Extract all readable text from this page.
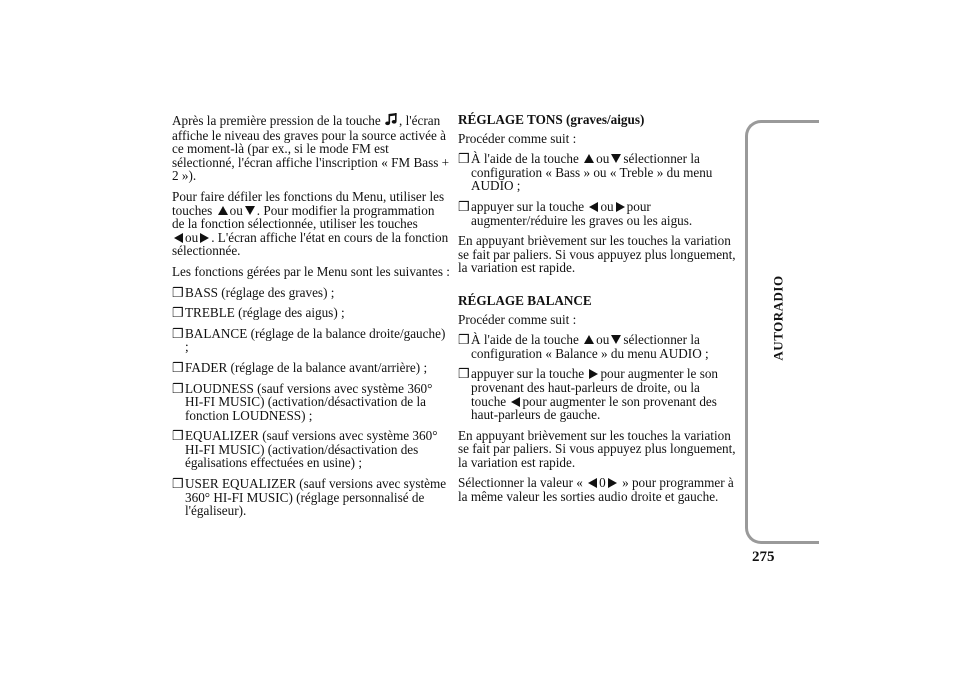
Après la première pression de la touche , l'écran affiche le niveau des graves pour la source activée à ce moment-là (par ex., si le mode FM est sélectionné, l'écran affiche l'inscription « FM Bass + 2 »).

Pour faire défiler les fonctions du Menu, utiliser les touches ou . Pour modifier la programmation de la fonction sélectionnée, utiliser les touches
ou . L'écran affiche l'état en cours de la fonction sélectionnée.

Les fonctions gérées par le Menu sont les suivantes :

❒BASS (réglage des graves) ;
❒TREBLE (réglage des aigus) ;
❒BALANCE (réglage de la balance droite/gauche) ;
❒FADER (réglage de la balance avant/arrière) ;
❒LOUDNESS (sauf versions avec système 360° HI-FI MUSIC) (activation/désactivation de la fonction LOUDNESS) ;
❒EQUALIZER (sauf versions avec système 360° HI-FI MUSIC) (activation/désactivation des égalisations effectuées en usine) ;
❒USER EQUALIZER (sauf versions avec système 360° HI-FI MUSIC) (réglage personnalisé de l'égaliseur).

RÉGLAGE TONS (graves/aigus)

Procéder comme suit :

❒À l'aide de la touche ou sélectionner la configuration « Bass » ou « Treble » du menu AUDIO ;
❒appuyer sur la touche ou pour augmenter/réduire les graves ou les aigus.

En appuyant brièvement sur les touches la variation se fait par paliers. Si vous appuyez plus longuement, la variation est rapide.

RÉGLAGE BALANCE

Procéder comme suit :

❒À l'aide de la touche ou sélectionner la configuration « Balance » du menu AUDIO ;
❒appuyer sur la touche pour augmenter le son provenant des haut-parleurs de droite, ou la touche pour augmenter le son provenant des haut-parleurs de gauche.

En appuyant brièvement sur les touches la variation se fait par paliers. Si vous appuyez plus longuement, la variation est rapide.

Sélectionner la valeur « 0 » pour programmer à la même valeur les sorties audio droite et gauche.

AUTORADIO
275
